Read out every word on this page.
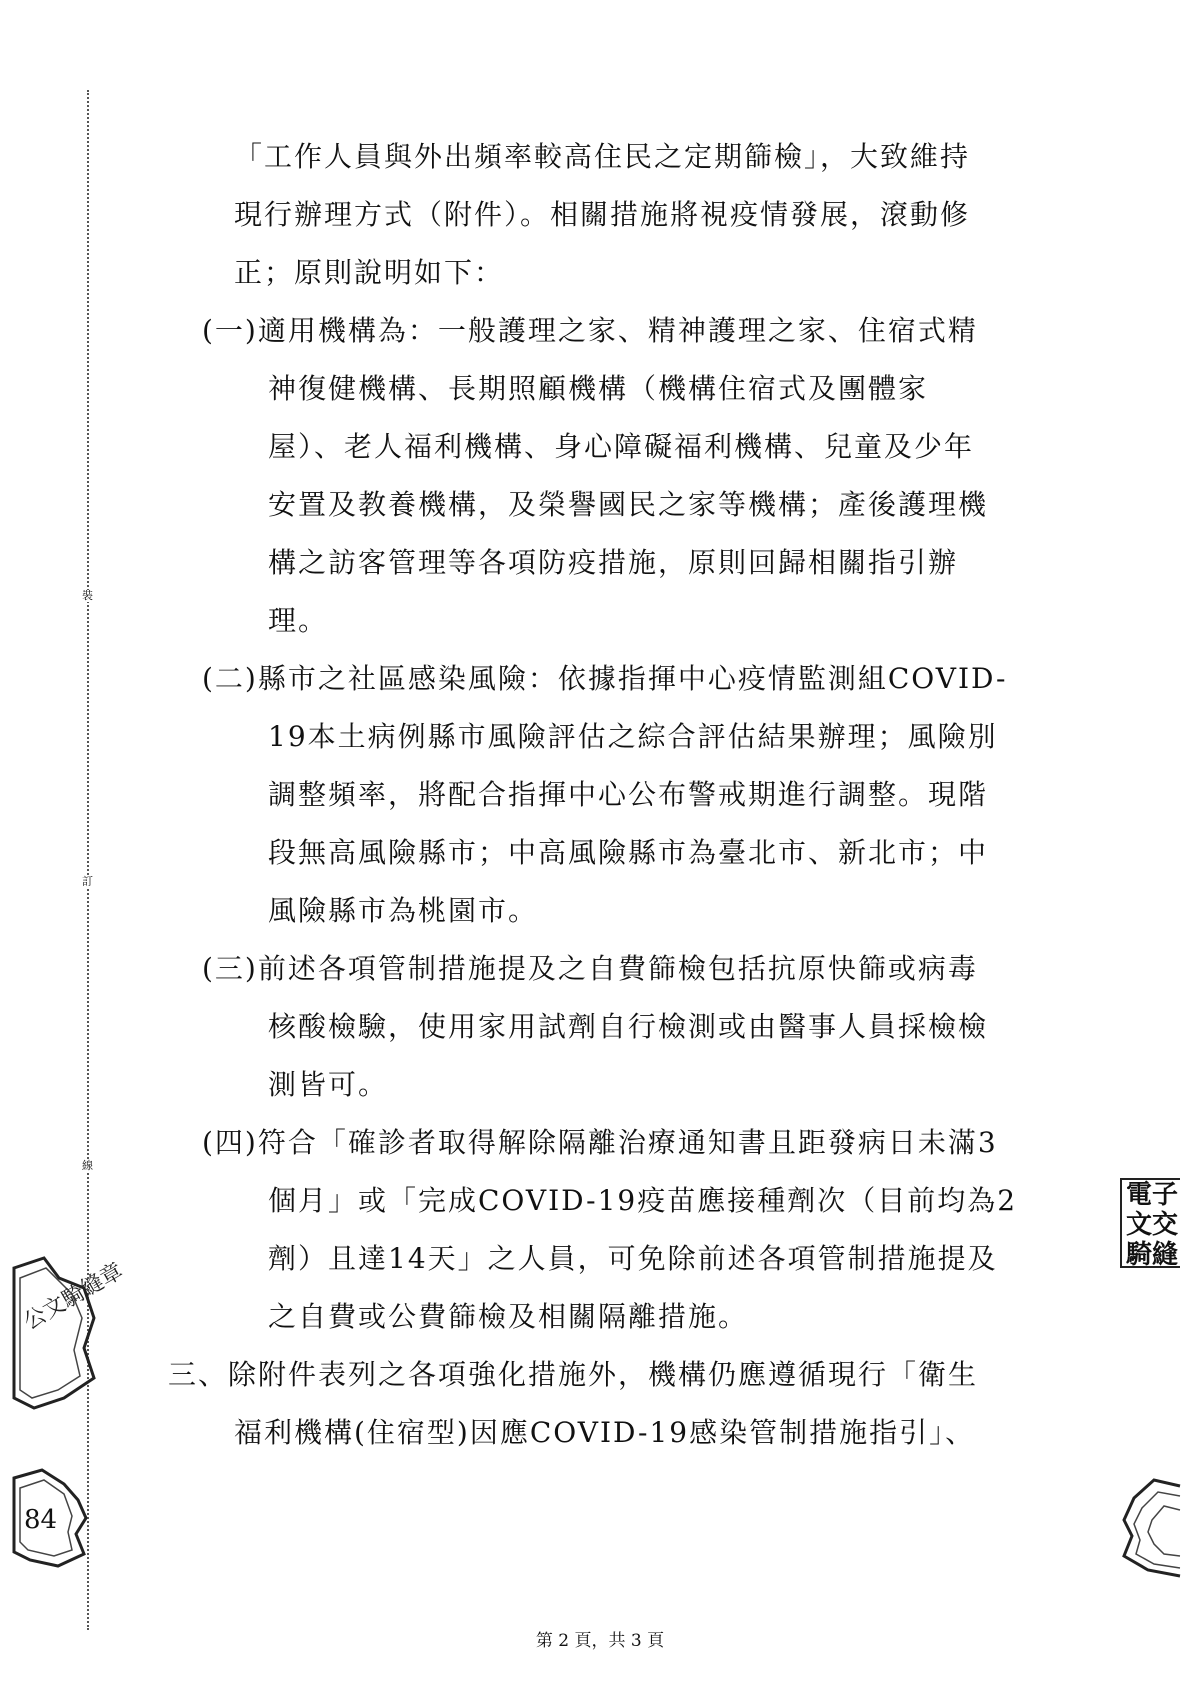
裝
訂
線
「工作人員與外出頻率較高住民之定期篩檢」，大致維持
現行辦理方式（附件）。相關措施將視疫情發展，滾動修
正；原則說明如下：
(一)適用機構為：一般護理之家、精神護理之家、住宿式精
神復健機構、長期照顧機構（機構住宿式及團體家
屋）、老人福利機構、身心障礙福利機構、兒童及少年
安置及教養機構，及榮譽國民之家等機構；產後護理機
構之訪客管理等各項防疫措施，原則回歸相關指引辦
理。
(二)縣市之社區感染風險：依據指揮中心疫情監測組COVID-
19本土病例縣市風險評估之綜合評估結果辦理；風險別
調整頻率，將配合指揮中心公布警戒期進行調整。現階
段無高風險縣市；中高風險縣市為臺北市、新北市；中
風險縣市為桃園市。
(三)前述各項管制措施提及之自費篩檢包括抗原快篩或病毒
核酸檢驗，使用家用試劑自行檢測或由醫事人員採檢檢
測皆可。
(四)符合「確診者取得解除隔離治療通知書且距發病日未滿3
個月」或「完成COVID-19疫苗應接種劑次（目前均為2
劑）且達14天」之人員，可免除前述各項管制措施提及
之自費或公費篩檢及相關隔離措施。
三、除附件表列之各項強化措施外，機構仍應遵循現行「衛生
福利機構(住宿型)因應COVID-19感染管制措施指引」、
公文騎縫章
84
電子
文交
騎縫
第 2 頁，共 3 頁
